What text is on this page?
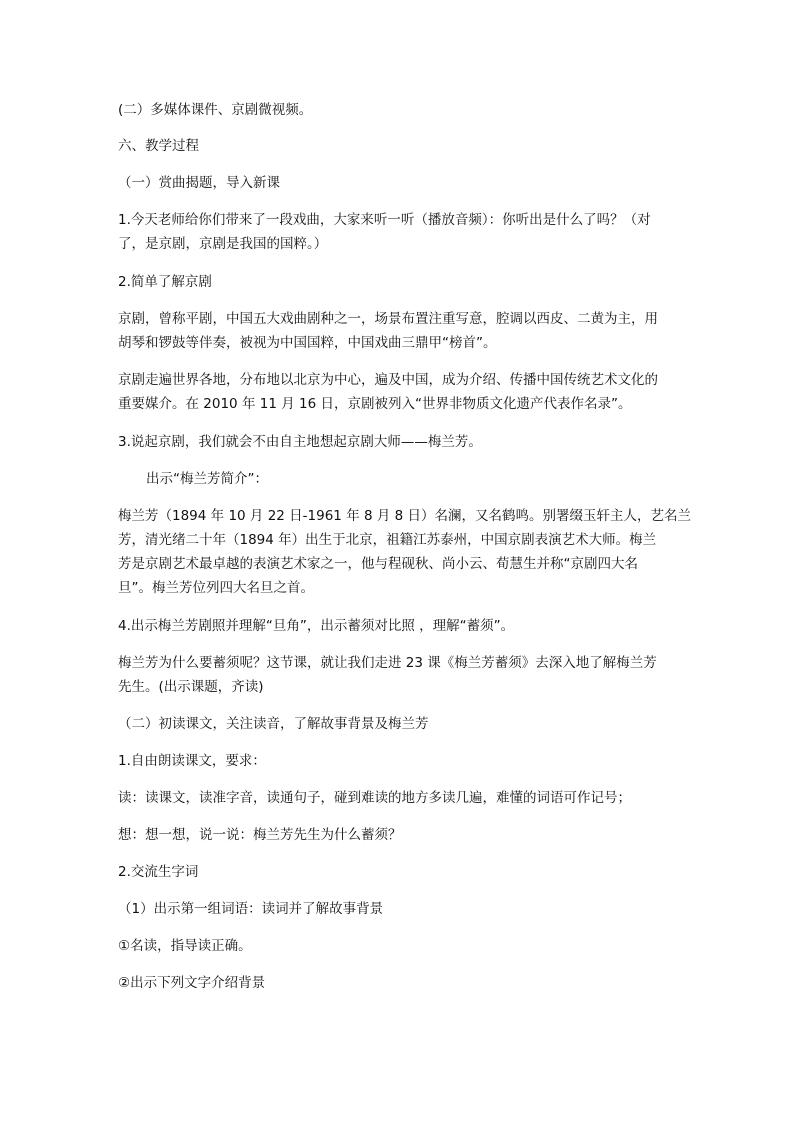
(二）多媒体课件、京剧微视频。
六、教学过程
（一）赏曲揭题，导入新课
1.今天老师给你们带来了一段戏曲，大家来听一听（播放音频）：你听出是什么了吗？（对
了，是京剧，京剧是我国的国粹。）
2.简单了解京剧
京剧，曾称平剧，中国五大戏曲剧种之一，场景布置注重写意，腔调以西皮、二黄为主，用
胡琴和锣鼓等伴奏，被视为中国国粹，中国戏曲三鼎甲“榜首”。
京剧走遍世界各地，分布地以北京为中心，遍及中国，成为介绍、传播中国传统艺术文化的
重要媒介。在 2010 年 11 月 16 日，京剧被列入“世界非物质文化遗产代表作名录”。
3.说起京剧，我们就会不由自主地想起京剧大师——梅兰芳。
出示“梅兰芳简介”：
梅兰芳（1894 年 10 月 22 日-1961 年 8 月 8 日）名澜，又名鹤鸣。别署缀玉轩主人，艺名兰
芳，清光绪二十年（1894 年）出生于北京，祖籍江苏泰州，中国京剧表演艺术大师。梅兰
芳是京剧艺术最卓越的表演艺术家之一，他与程砚秋、尚小云、荀慧生并称“京剧四大名
旦”。梅兰芳位列四大名旦之首。
4.出示梅兰芳剧照并理解“旦角”，出示蓄须对比照 ，理解“蓄须”。
梅兰芳为什么要蓄须呢？这节课，就让我们走进 23 课《梅兰芳蓄须》去深入地了解梅兰芳
先生。(出示课题，齐读)
（二）初读课文，关注读音，了解故事背景及梅兰芳
1.自由朗读课文，要求：
读：读课文，读准字音，读通句子，碰到难读的地方多读几遍，难懂的词语可作记号；
想：想一想，说一说：梅兰芳先生为什么蓄须？
2.交流生字词
（1）出示第一组词语：读词并了解故事背景
①名读，指导读正确。
②出示下列文字介绍背景
